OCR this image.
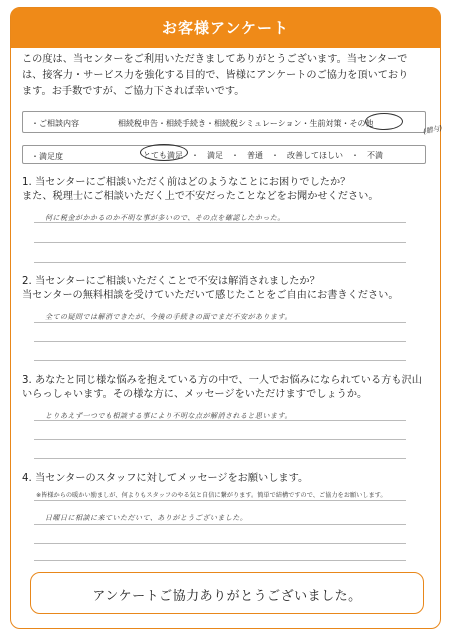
お客様アンケート
この度は、当センターをご利用いただきましてありがとうございます。当センターでは、接客力・サービス力を強化する目的で、皆様にアンケートのご協力を頂いております。お手数ですが、ご協力下されば幸いです。
・ご相談内容	相続税申告・相続手続き・相続税シミュレーション・生前対策・その他
(贈与)
・満足度	とても満足　・　満足　・　普通　・　改善してほしい　・　不満
1. 当センターにご相談いただく前はどのようなことにお困りでしたか？
また、税理士にご相談いただく上で不安だったことなどをお聞かせください。
何に税金がかかるのか不明な事が多いので、その点を確認したかった。
2. 当センターにご相談いただくことで不安は解消されましたか？
当センターの無料相談を受けていただいて感じたことをご自由にお書きください。
全ての疑問では解消できたが、今後の手続きの面でまだ不安があります。
3. あなたと同じ様な悩みを抱えている方の中で、一人でお悩みになられている方も沢山いらっしゃいます。その様な方に、メッセージをいただけますでしょうか。
とりあえず一つでも相談する事により不明な点が解消されると思います。
4. 当センターのスタッフに対してメッセージをお願いします。
※皆様からの暖かい励ましが、何よりもスタッフのやる気と自信に繋がります。簡単で結構ですので、ご協力をお願いします。
日曜日に相談に来ていただいて、ありがとうございました。
アンケートご協力ありがとうございました。
